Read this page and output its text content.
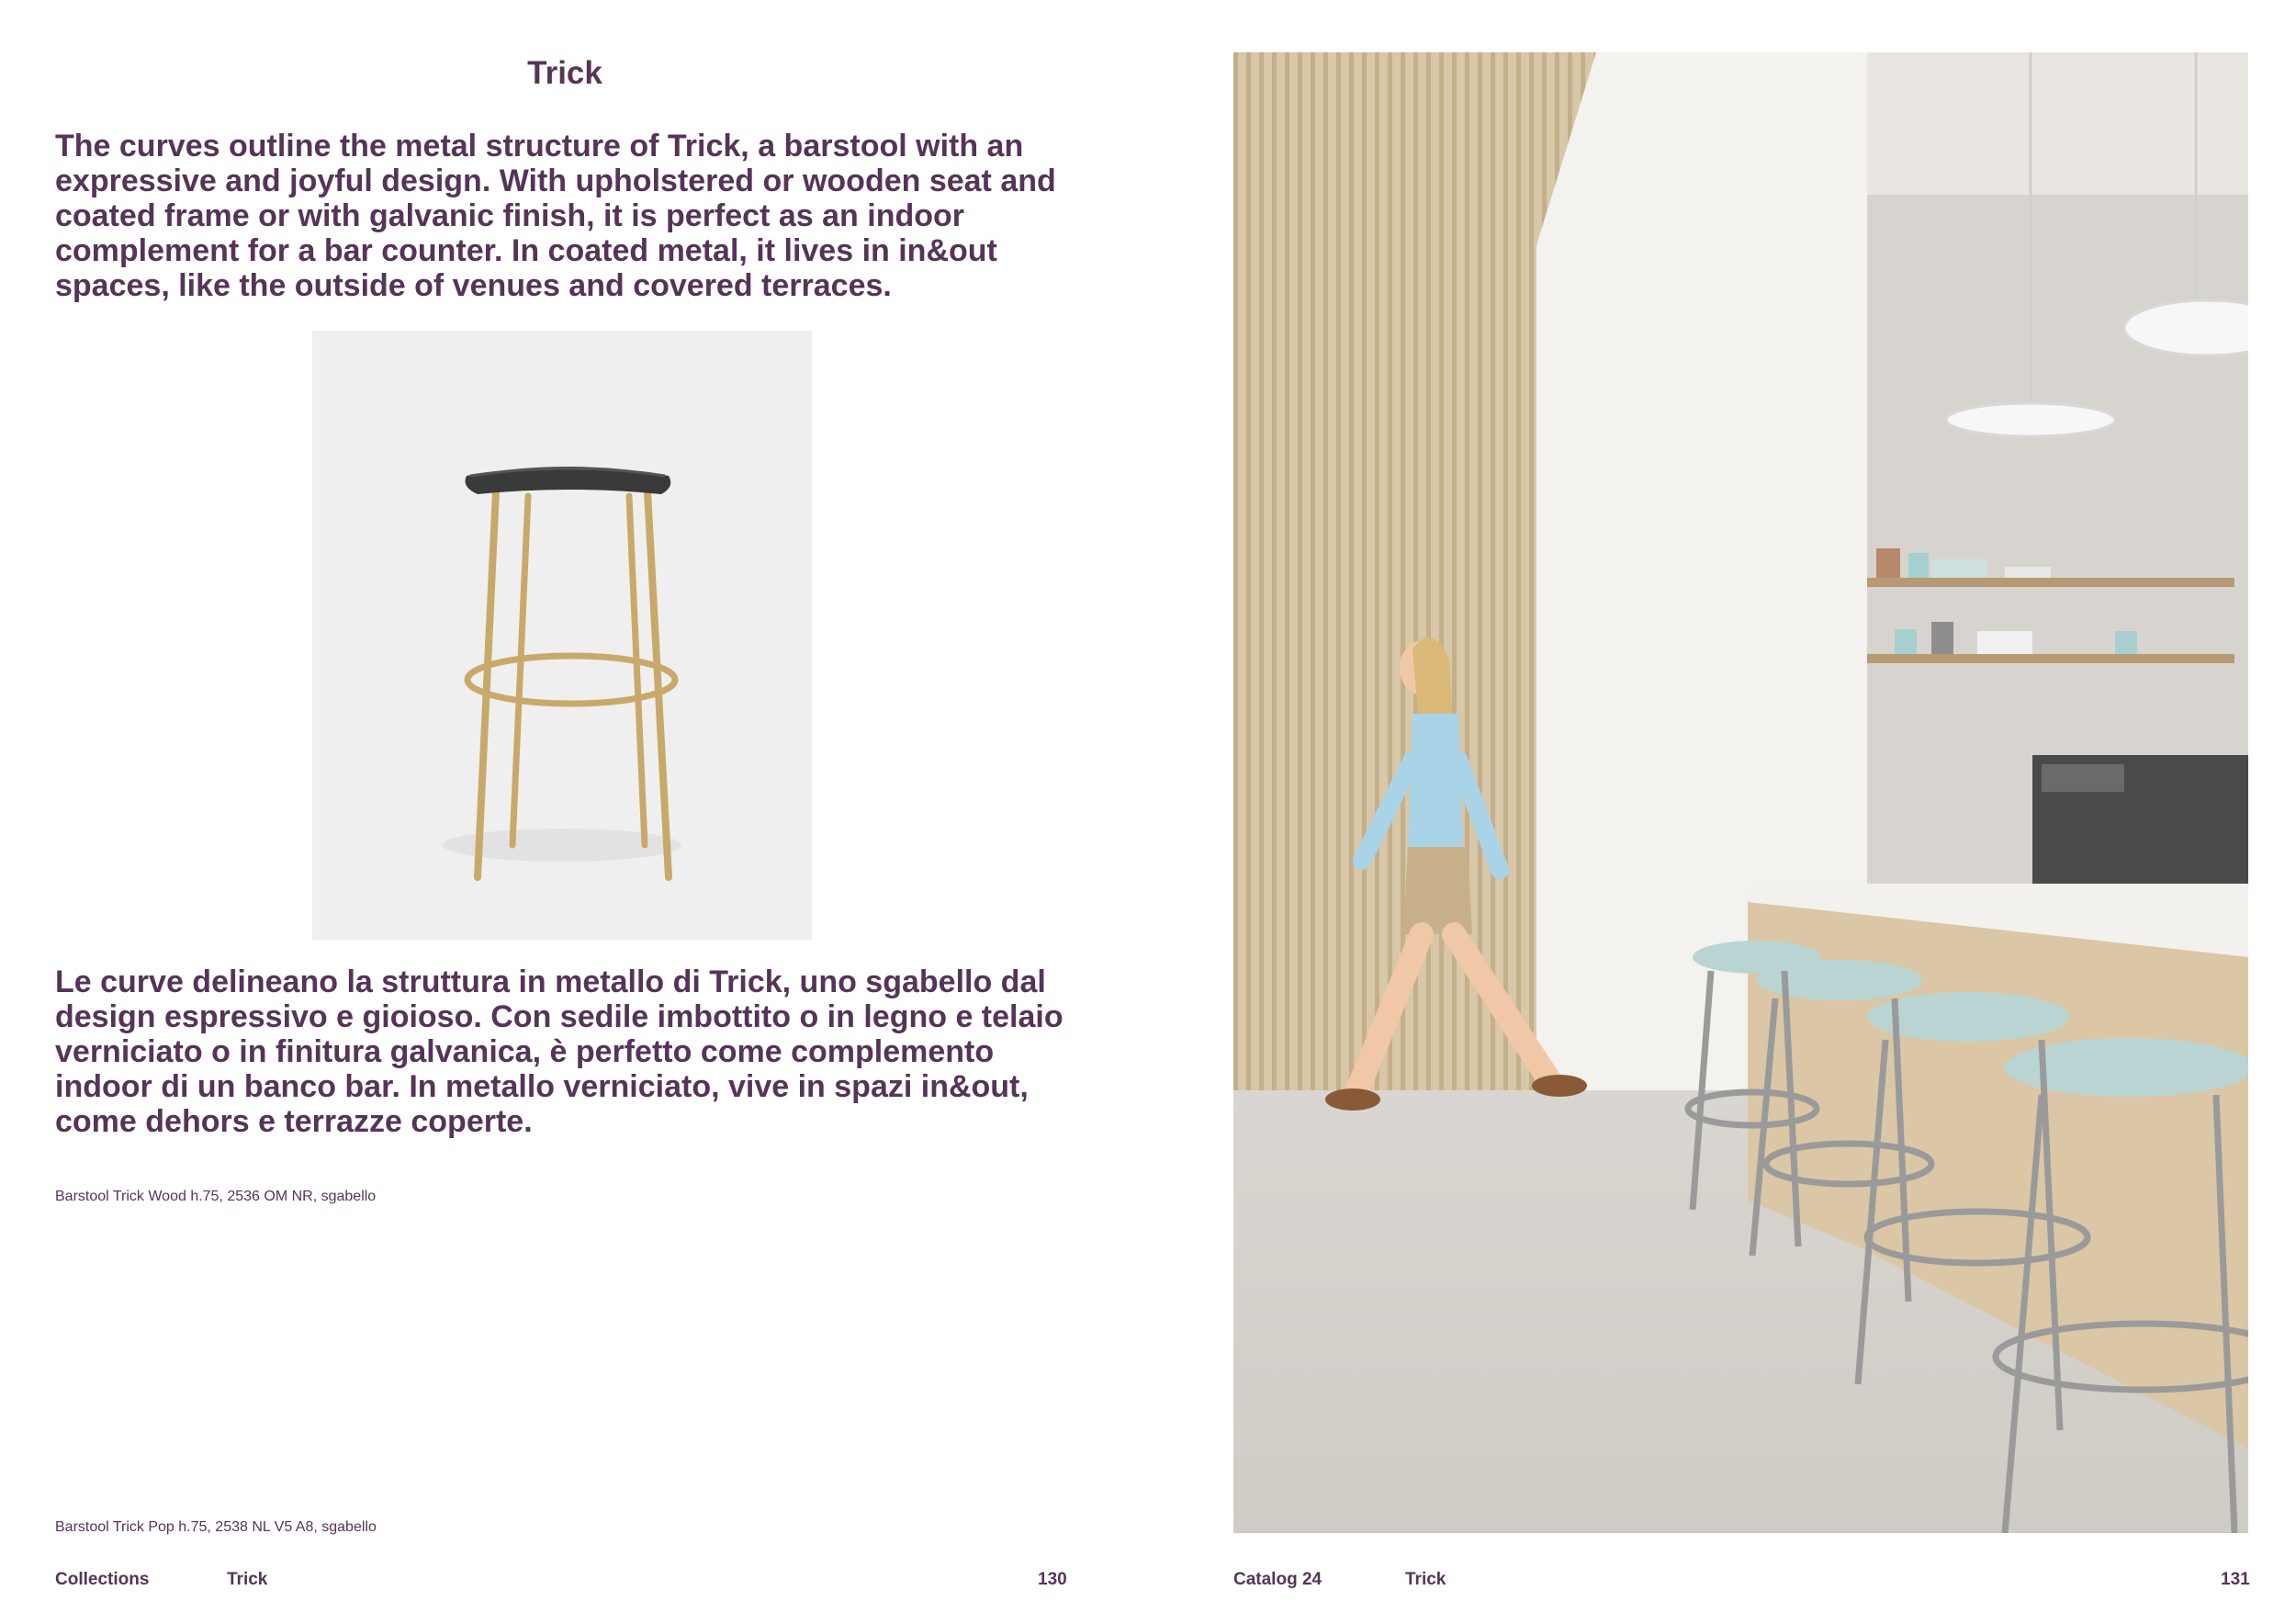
Trick
The curves outline the metal structure of Trick, a barstool with an expressive and joyful design. With upholstered or wooden seat and coated frame or with galvanic finish, it is perfect as an indoor complement for a bar counter. In coated metal, it lives in in&out spaces, like the outside of venues and covered terraces.
Le curve delineano la struttura in metallo di Trick, uno sgabello dal design espressivo e gioioso. Con sedile imbottito o in legno e telaio verniciato o in finitura galvanica, è perfetto come complemento indoor di un banco bar. In metallo verniciato, vive in spazi in&out, come dehors e terrazze coperte.
Barstool Trick Wood h.75, 2536 OM NR, sgabello
Barstool Trick Pop h.75, 2538 NL V5 A8, sgabello
Collections	Trick	130	Catalog 24	Trick	131
